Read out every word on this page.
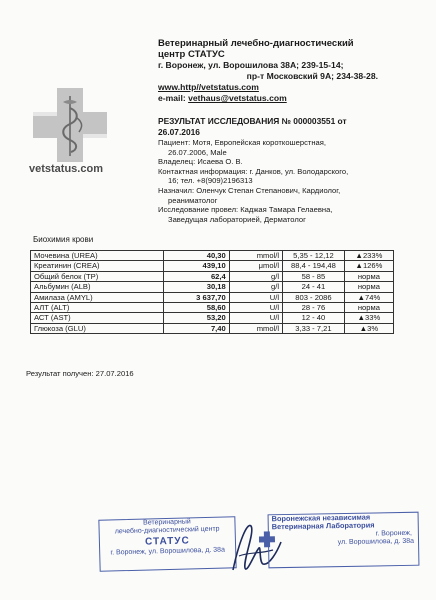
vetstatus.com
Ветеринарный лечебно-диагностический
центр СТАТУС
г. Воронеж, ул. Ворошилова 38А; 239-15-14;
пр-т Московский 9А; 234-38-28.
www.http//vetstatus.com
e-mail: vethaus@vetstatus.com
РЕЗУЛЬТАТ ИССЛЕДОВАНИЯ № 000003551 от
26.07.2016
Пациент: Мотя, Европейская короткошерстная,
26.07.2006, Male
Владелец: Исаева О. В.
Контактная информация: г. Данков, ул. Володарского,
16; тел. +8(909)2196313
Назначил: Оленчук Степан Степанович, Кардиолог,
реаниматолог
Исследование провел: Каджая Тамара Гелаевна,
Заведущая лабораторией, Дерматолог
Биохимия крови
Мочевина (UREA)	40,30	mmol/l	5,35 - 12,12	▲233%
Креатинин (CREA)	439,10	μmol/l	88,4 - 194,48	▲126%
Общий белок (TP)	62,4	g/l	58 - 85	норма
Альбумин (ALB)	30,18	g/l	24 - 41	норма
Амилаза (AMYL)	3 637,70	U/l	803 - 2086	▲74%
АЛТ (ALT)	58,60	U/l	28 - 76	норма
АСТ (AST)	53,20	U/l	12 - 40	▲33%
Глюкоза (GLU)	7,40	mmol/l	3,33 - 7,21	▲3%
Результат получен: 27.07.2016
Ветеринарный
лечебно-диагностический центр
СТАТУС
г. Воронеж, ул. Ворошилова, д. 38а
Воронежская независимая
Ветеринарная Лаборатория
г. Воронеж,
ул. Ворошилова, д. 38а
